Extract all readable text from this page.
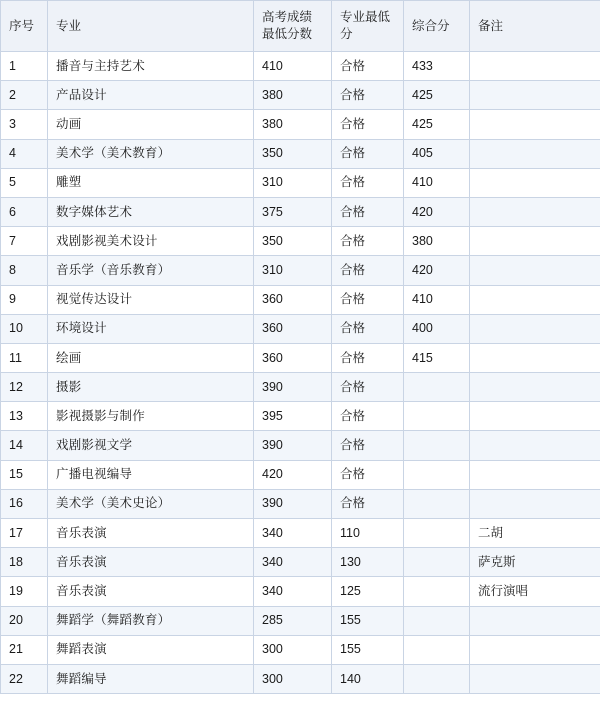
序号	专业	高考成绩最低分数	专业最低分	综合分	备注

1	播音与主持艺术	410	合格	433	
2	产品设计	380	合格	425	
3	动画	380	合格	425	
4	美术学（美术教育）	350	合格	405	
5	雕塑	310	合格	410	
6	数字媒体艺术	375	合格	420	
7	戏剧影视美术设计	350	合格	380	
8	音乐学（音乐教育）	310	合格	420	
9	视觉传达设计	360	合格	410	
10	环境设计	360	合格	400	
11	绘画	360	合格	415	
12	摄影	390	合格		
13	影视摄影与制作	395	合格		
14	戏剧影视文学	390	合格		
15	广播电视编导	420	合格		
16	美术学（美术史论）	390	合格		
17	音乐表演	340	110		二胡
18	音乐表演	340	130		萨克斯
19	音乐表演	340	125		流行演唱
20	舞蹈学（舞蹈教育）	285	155		
21	舞蹈表演	300	155		
22	舞蹈编导	300	140		
